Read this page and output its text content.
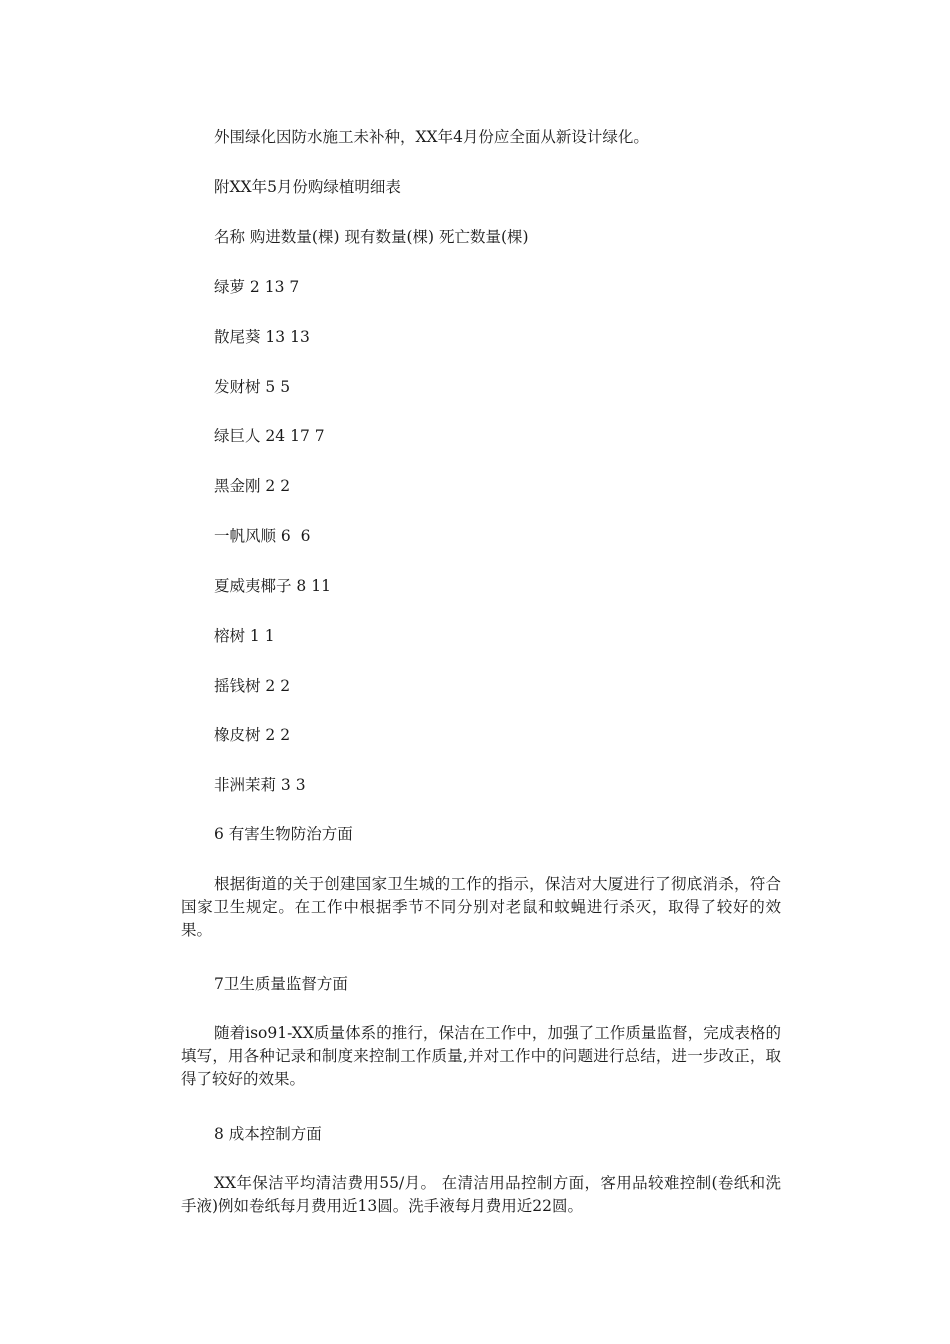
外围绿化因防水施工未补种，XX年4月份应全面从新设计绿化。
附XX年5月份购绿植明细表
名称 购进数量(棵) 现有数量(棵) 死亡数量(棵)
绿萝 2 13 7
散尾葵 13 13
发财树 5 5
绿巨人 24 17 7
黑金刚 2 2
一帆风顺 6  6
夏威夷椰子 8 11
榕树 1 1
摇钱树 2 2
橡皮树 2 2
非洲茉莉 3 3
6 有害生物防治方面
根据街道的关于创建国家卫生城的工作的指示，保洁对大厦进行了彻底消杀，符合国家卫生规定。在工作中根据季节不同分别对老鼠和蚊蝇进行杀灭，取得了较好的效果。
7卫生质量监督方面
随着iso91-XX质量体系的推行，保洁在工作中，加强了工作质量监督，完成表格的填写，用各种记录和制度来控制工作质量,并对工作中的问题进行总结，进一步改正，取得了较好的效果。
8 成本控制方面
XX年保洁平均清洁费用55/月。 在清洁用品控制方面，客用品较难控制(卷纸和洗手液)例如卷纸每月费用近13圆。洗手液每月费用近22圆。
